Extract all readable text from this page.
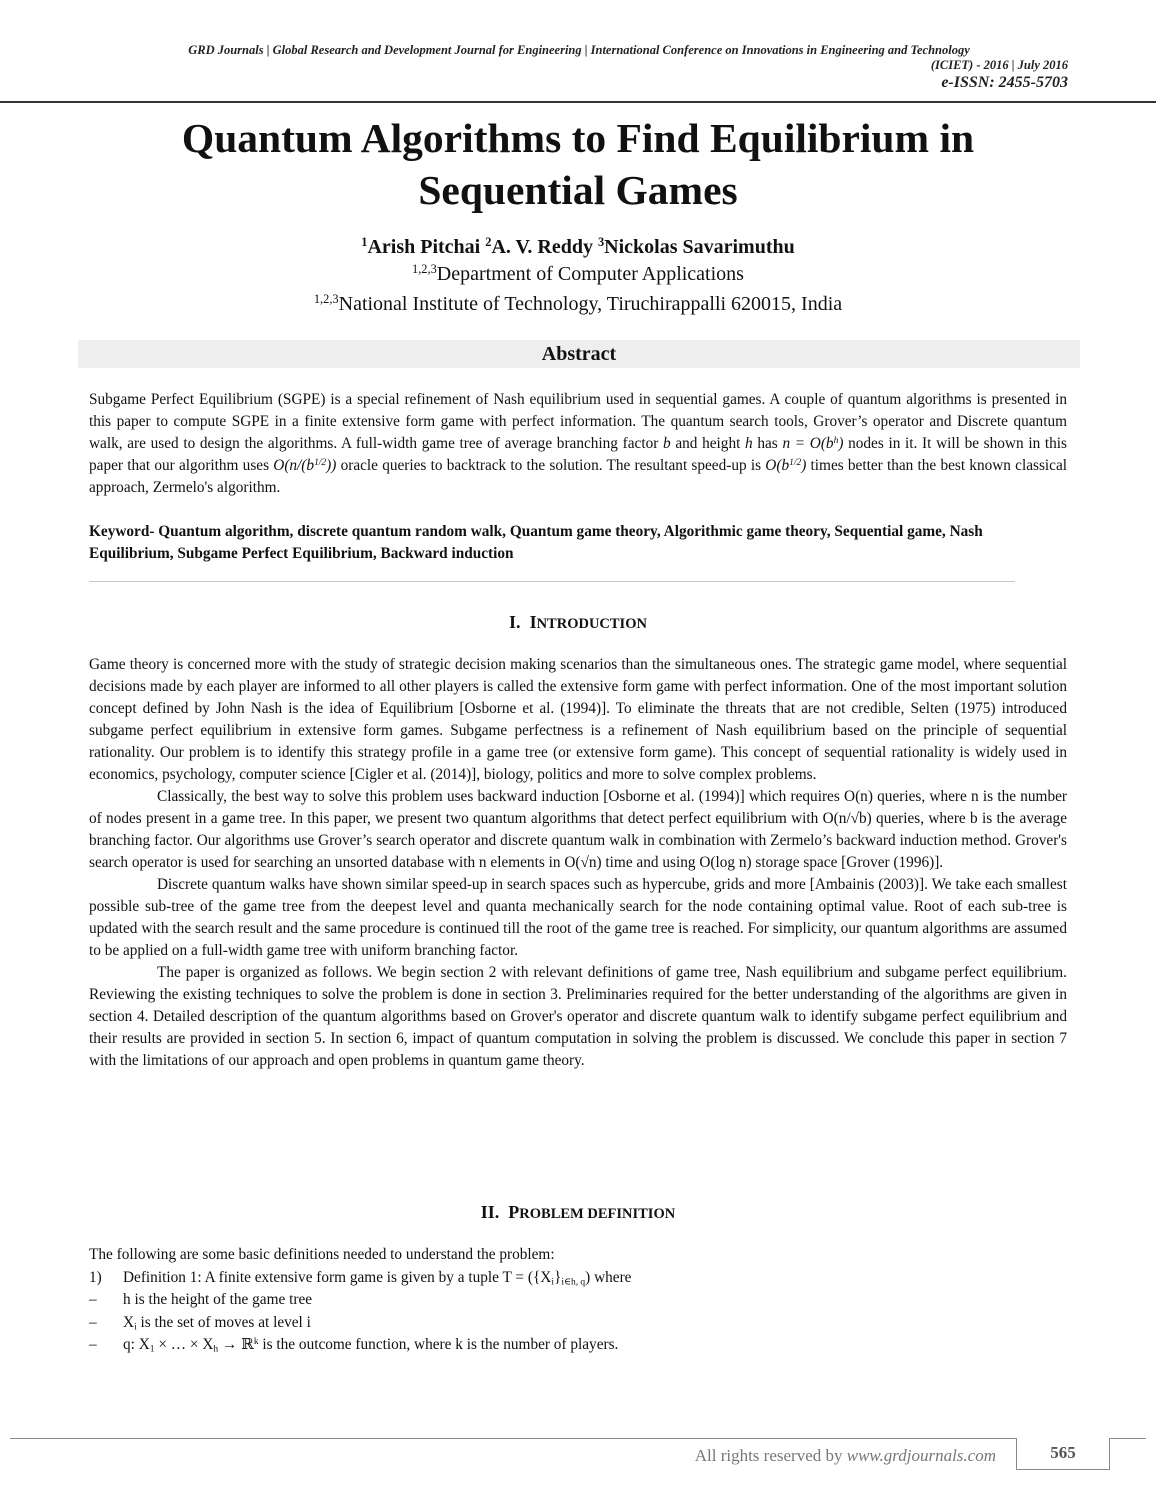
GRD Journals | Global Research and Development Journal for Engineering | International Conference on Innovations in Engineering and Technology
(ICIET) - 2016 | July 2016
e-ISSN: 2455-5703
Quantum Algorithms to Find Equilibrium in
Sequential Games
$^1$Arish Pitchai $^2$A. V. Reddy $^3$Nickolas Savarimuthu
$^{1,2,3}$Department of Computer Applications
$^{1,2,3}$National Institute of Technology, Tiruchirappalli 620015, India
Abstract
Subgame Perfect Equilibrium (SGPE) is a special refinement of Nash equilibrium used in sequential games. A couple of quantum algorithms is presented in this paper to compute SGPE in a finite extensive form game with perfect information. The quantum search tools, Grover’s operator and Discrete quantum walk, are used to design the algorithms. A full-width game tree of average branching factor b and height h has $n = O(b^h)$ nodes in it. It will be shown in this paper that our algorithm uses $O(n/(b^{1/2}))$ oracle queries to backtrack to the solution. The resultant speed-up is $O(b^{1/2})$ times better than the best known classical approach, Zermelo's algorithm.
Keyword- Quantum algorithm, discrete quantum random walk, Quantum game theory, Algorithmic game theory, Sequential game, Nash Equilibrium, Subgame Perfect Equilibrium, Backward induction
I. INTRODUCTION

Game theory is concerned more with the study of strategic decision making scenarios than the simultaneous ones. The strategic game model, where sequential decisions made by each player are informed to all other players is called the extensive form game with perfect information. One of the most important solution concept defined by John Nash is the idea of Equilibrium [Osborne et al. (1994)]. To eliminate the threats that are not credible, Selten (1975) introduced subgame perfect equilibrium in extensive form games. Subgame perfectness is a refinement of Nash equilibrium based on the principle of sequential rationality. Our problem is to identify this strategy profile in a game tree (or extensive form game). This concept of sequential rationality is widely used in economics, psychology, computer science [Cigler et al. (2014)], biology, politics and more to solve complex problems.

Classically, the best way to solve this problem uses backward induction [Osborne et al. (1994)] which requires O(n) queries, where n is the number of nodes present in a game tree. In this paper, we present two quantum algorithms that detect perfect equilibrium with O(n/√b) queries, where b is the average branching factor. Our algorithms use Grover’s search operator and discrete quantum walk in combination with Zermelo’s backward induction method. Grover's search operator is used for searching an unsorted database with n elements in O(√n) time and using O(log n) storage space [Grover (1996)].

Discrete quantum walks have shown similar speed-up in search spaces such as hypercube, grids and more [Ambainis (2003)]. We take each smallest possible sub-tree of the game tree from the deepest level and quanta mechanically search for the node containing optimal value. Root of each sub-tree is updated with the search result and the same procedure is continued till the root of the game tree is reached. For simplicity, our quantum algorithms are assumed to be applied on a full-width game tree with uniform branching factor.

The paper is organized as follows. We begin section 2 with relevant definitions of game tree, Nash equilibrium and subgame perfect equilibrium. Reviewing the existing techniques to solve the problem is done in section 3. Preliminaries required for the better understanding of the algorithms are given in section 4. Detailed description of the quantum algorithms based on Grover's operator and discrete quantum walk to identify subgame perfect equilibrium and their results are provided in section 5. In section 6, impact of quantum computation in solving the problem is discussed. We conclude this paper in section 7 with the limitations of our approach and open problems in quantum game theory.

II. PROBLEM DEFINITION
The following are some basic definitions needed to understand the problem:
1)	Definition 1: A finite extensive form game is given by a tuple $T = (\{X_i\}_{i\in h, q})$ where
–	h is the height of the game tree
–	$X_i$ is the set of moves at level i
–	q: $X_1$ × … × $X_h$ → ℝ$^k$ is the outcome function, where k is the number of players.
All rights reserved by www.grdjournals.com	565
